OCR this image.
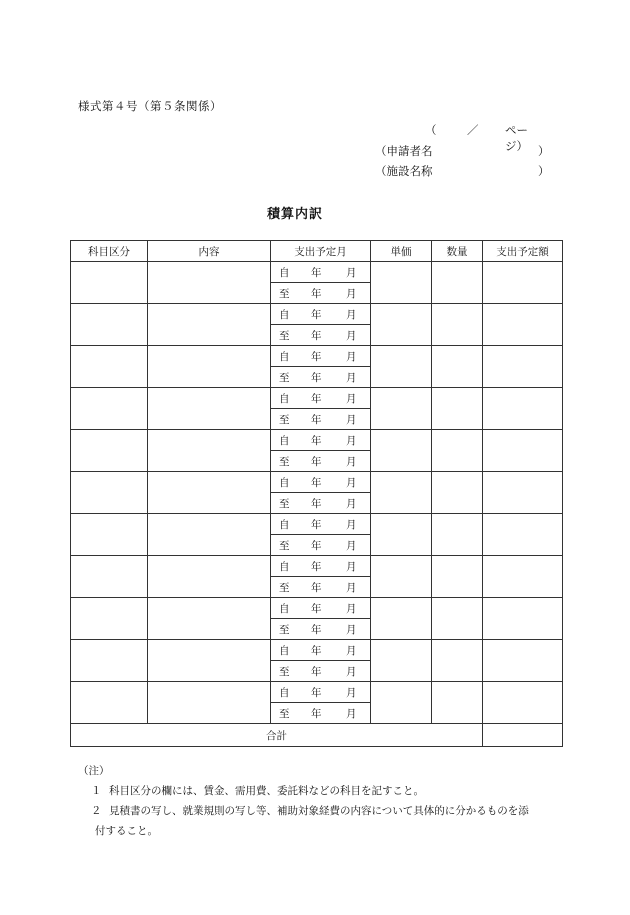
様式第４号（第５条関係）
（	／ ページ）
（申請者名	）
（施設名称	）
積算内訳
科目区分	内容	支出予定月	単価	数量	支出予定額

		自 年 月			

		至 年 月			

		自 年 月			

		至 年 月			

		自 年 月			

		至 年 月			

		自 年 月			

		至 年 月			

		自 年 月			

		至 年 月			

		自 年 月			

		至 年 月			

		自 年 月			

		至 年 月			

		自 年 月			

		至 年 月			

		自 年 月			

		至 年 月			

		自 年 月			

		至 年 月			

		自 年 月			

		至 年 月			

合計					
（注）
１ 科目区分の欄には、賃金、需用費、委託料などの科目を記すこと。
２ 見積書の写し、就業規則の写し等、補助対象経費の内容について具体的に分かるものを添
付すること。
